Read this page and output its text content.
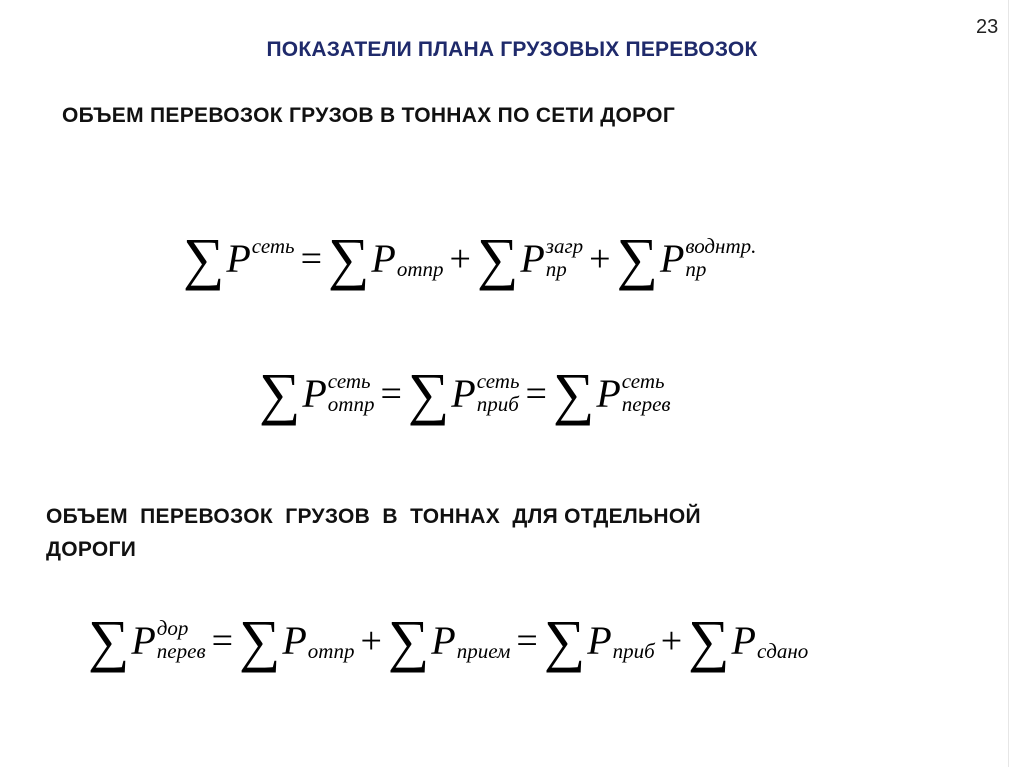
23
ПОКАЗАТЕЛИ ПЛАНА ГРУЗОВЫХ ПЕРЕВОЗОК
ОБЪЕМ ПЕРЕВОЗОК ГРУЗОВ В ТОННАХ ПО СЕТИ ДОРОГ
∑P сеть = ∑P отпр + ∑P загр
пр + ∑P воднтр.
пр
∑P сеть
отпр = ∑P сеть
приб = ∑P сеть
перев
ОБЪЕМ  ПЕРЕВОЗОК  ГРУЗОВ  В  ТОННАХ  ДЛЯ ОТДЕЛЬНОЙ
ДОРОГИ
∑P дор
перев = ∑P отпр + ∑P прием = ∑P приб + ∑P сдано
